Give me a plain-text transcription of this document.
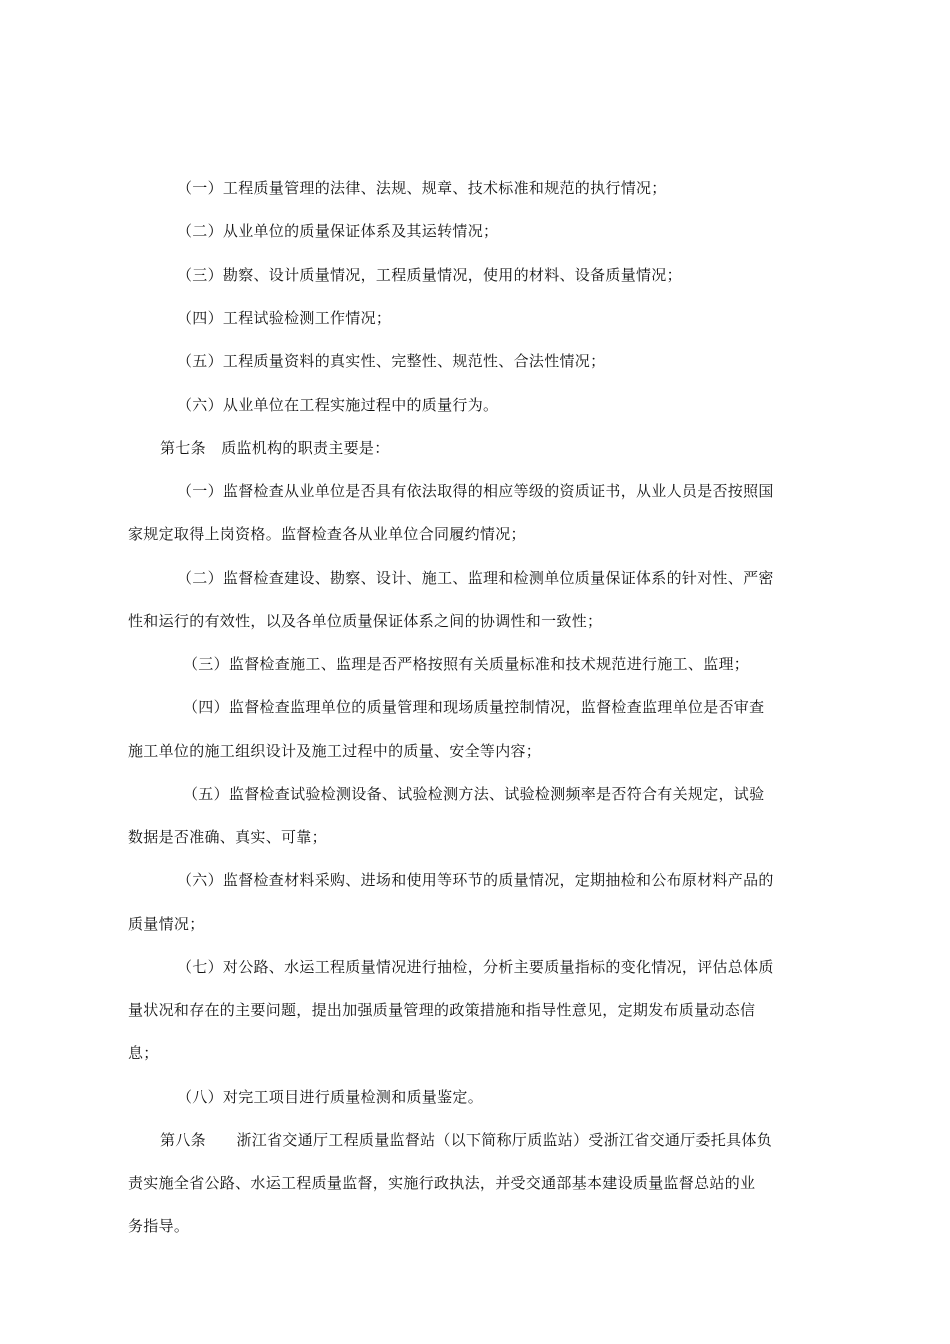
（一）工程质量管理的法律、法规、规章、技术标准和规范的执行情况；
（二）从业单位的质量保证体系及其运转情况；
（三）勘察、设计质量情况，工程质量情况，使用的材料、设备质量情况；
（四）工程试验检测工作情况；
（五）工程质量资料的真实性、完整性、规范性、合法性情况；
（六）从业单位在工程实施过程中的质量行为。
第七条　质监机构的职责主要是：
（一）监督检查从业单位是否具有依法取得的相应等级的资质证书，从业人员是否按照国
家规定取得上岗资格。监督检查各从业单位合同履约情况；
（二）监督检查建设、勘察、设计、施工、监理和检测单位质量保证体系的针对性、严密
性和运行的有效性，以及各单位质量保证体系之间的协调性和一致性；
（三）监督检查施工、监理是否严格按照有关质量标准和技术规范进行施工、监理；
（四）监督检查监理单位的质量管理和现场质量控制情况，监督检查监理单位是否审查
施工单位的施工组织设计及施工过程中的质量、安全等内容；
（五）监督检查试验检测设备、试验检测方法、试验检测频率是否符合有关规定，试验
数据是否准确、真实、可靠；
（六）监督检查材料采购、进场和使用等环节的质量情况，定期抽检和公布原材料产品的
质量情况；
（七）对公路、水运工程质量情况进行抽检，分析主要质量指标的变化情况，评估总体质
量状况和存在的主要问题，提出加强质量管理的政策措施和指导性意见，定期发布质量动态信
息；
（八）对完工项目进行质量检测和质量鉴定。
第八条　　浙江省交通厅工程质量监督站（以下简称厅质监站）受浙江省交通厅委托具体负
责实施全省公路、水运工程质量监督，实施行政执法，并受交通部基本建设质量监督总站的业
务指导。
